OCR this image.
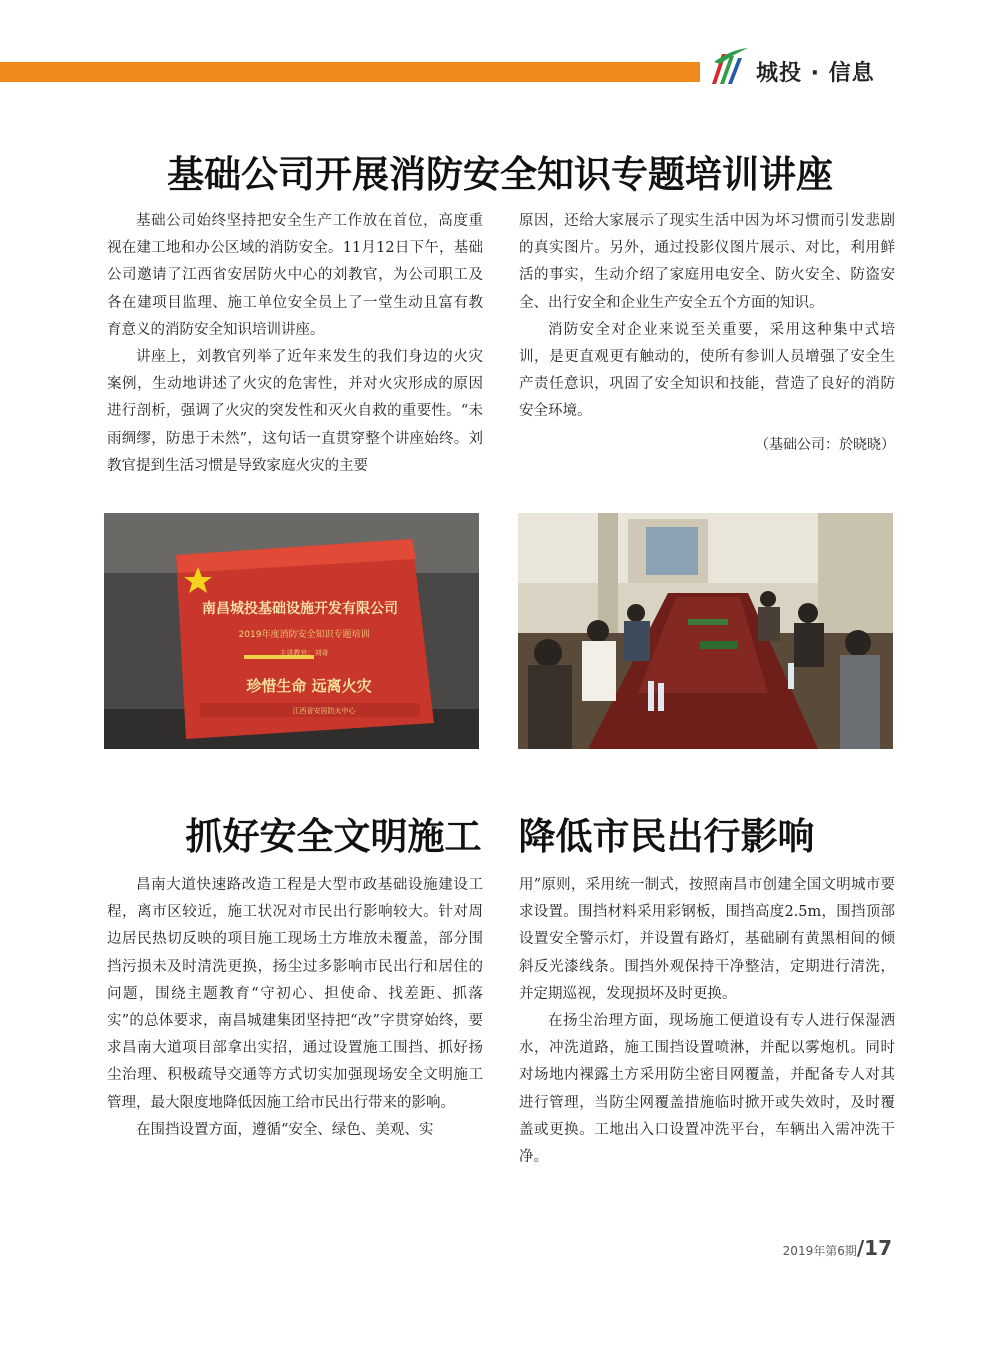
城投 · 信息
基础公司开展消防安全知识专题培训讲座

基础公司始终坚持把安全生产工作放在首位，高度重视在建工地和办公区域的消防安全。11月12日下午，基础公司邀请了江西省安居防火中心的刘教官，为公司职工及各在建项目监理、施工单位安全员上了一堂生动且富有教育意义的消防安全知识培训讲座。

讲座上，刘教官列举了近年来发生的我们身边的火灾案例，生动地讲述了火灾的危害性，并对火灾形成的原因进行剖析，强调了火灾的突发性和灭火自救的重要性。“未雨绸缪，防患于未然”，这句话一直贯穿整个讲座始终。刘教官提到生活习惯是导致家庭火灾的主要

原因，还给大家展示了现实生活中因为坏习惯而引发悲剧的真实图片。另外，通过投影仪图片展示、对比，利用鲜活的事实，生动介绍了家庭用电安全、防火安全、防盗安全、出行安全和企业生产安全五个方面的知识。

消防安全对企业来说至关重要，采用这种集中式培训，是更直观更有触动的，使所有参训人员增强了安全生产责任意识，巩固了安全知识和技能，营造了良好的消防安全环境。

（基础公司：於晓晓）
南昌城投基础设施开发有限公司
2019年度消防安全知识专题培训
主讲教官：刘奇
珍惜生命 远离火灾
江西省安居防火中心
抓好安全文明施工　降低市民出行影响

昌南大道快速路改造工程是大型市政基础设施建设工程，离市区较近，施工状况对市民出行影响较大。针对周边居民热切反映的项目施工现场土方堆放未覆盖，部分围挡污损未及时清洗更换，扬尘过多影响市民出行和居住的问题，围绕主题教育“守初心、担使命、找差距、抓落实”的总体要求，南昌城建集团坚持把“改”字贯穿始终，要求昌南大道项目部拿出实招，通过设置施工围挡、抓好扬尘治理、积极疏导交通等方式切实加强现场安全文明施工管理，最大限度地降低因施工给市民出行带来的影响。

在围挡设置方面，遵循“安全、绿色、美观、实

用”原则，采用统一制式，按照南昌市创建全国文明城市要求设置。围挡材料采用彩钢板，围挡高度2.5m，围挡顶部设置安全警示灯，并设置有路灯，基础刷有黄黑相间的倾斜反光漆线条。围挡外观保持干净整洁，定期进行清洗，并定期巡视，发现损坏及时更换。

在扬尘治理方面，现场施工便道设有专人进行保湿洒水，冲洗道路，施工围挡设置喷淋，并配以雾炮机。同时对场地内裸露土方采用防尘密目网覆盖，并配备专人对其进行管理，当防尘网覆盖措施临时掀开或失效时，及时覆盖或更换。工地出入口设置冲洗平台，车辆出入需冲洗干净。

2019年第6期/17
